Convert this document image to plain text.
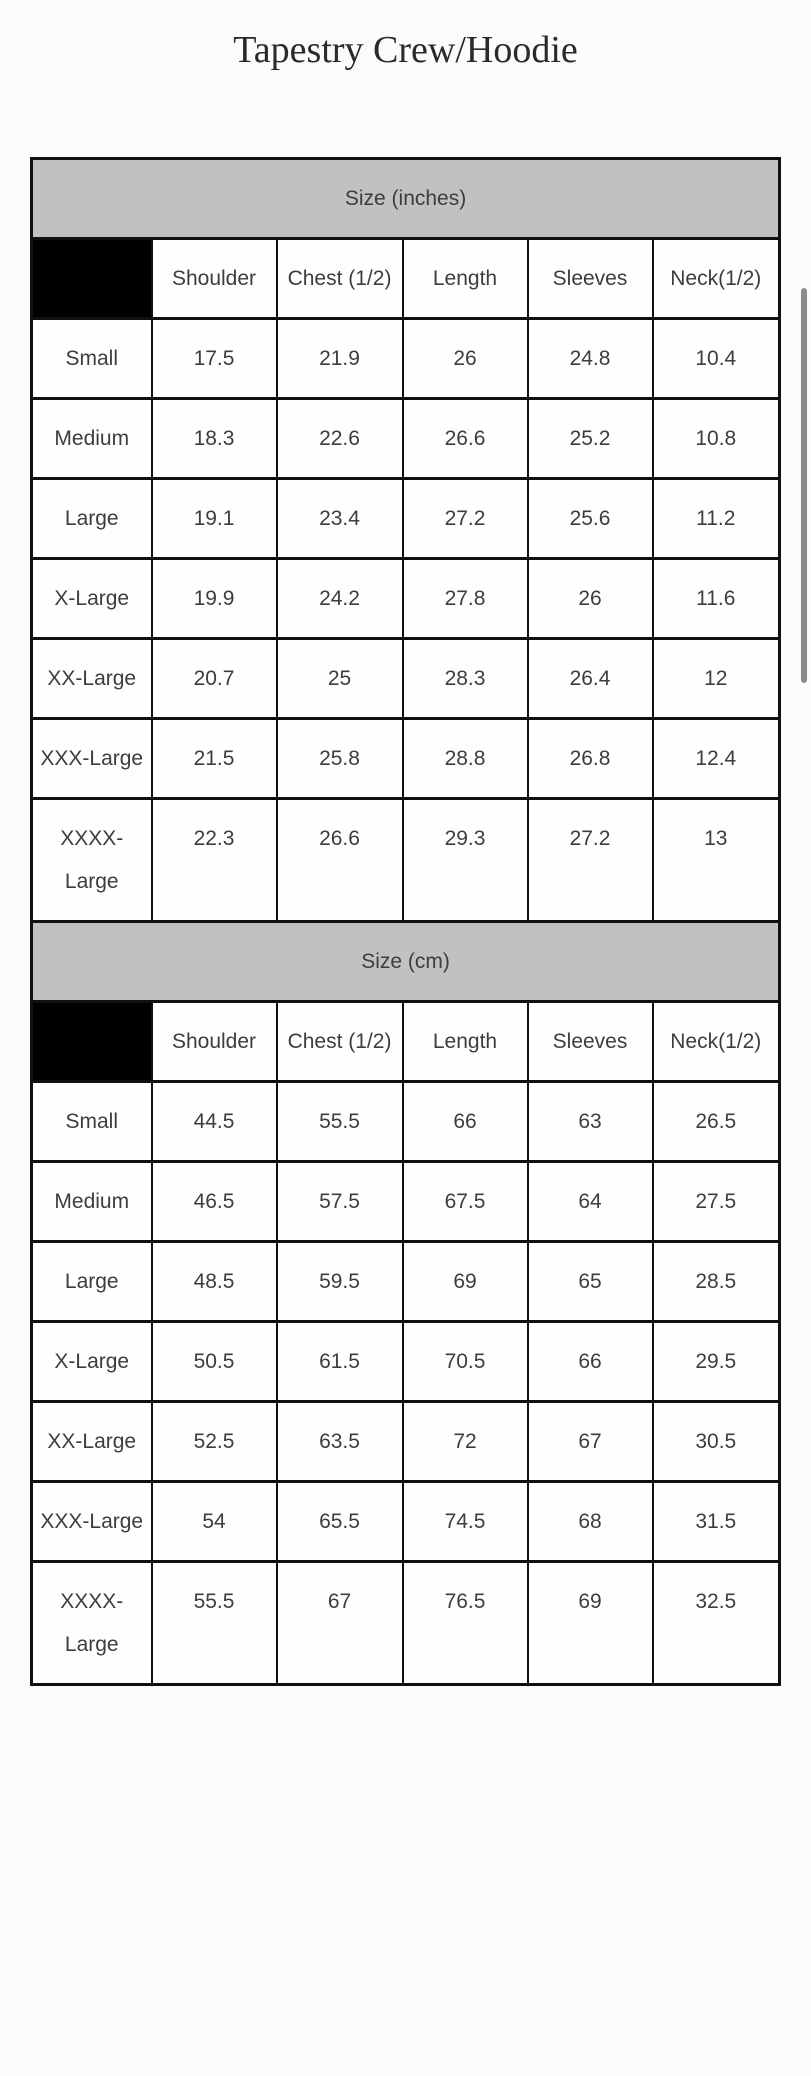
Tapestry Crew/Hoodie
Size (inches)					
	Shoulder	Chest (1/2)	Length	Sleeves	Neck(1/2)
Small	17.5	21.9	26	24.8	10.4
Medium	18.3	22.6	26.6	25.2	10.8
Large	19.1	23.4	27.2	25.6	11.2
X-Large	19.9	24.2	27.8	26	11.6
XX-Large	20.7	25	28.3	26.4	12
XXX-Large	21.5	25.8	28.8	26.8	12.4
XXXX-Large	22.3	26.6	29.3	27.2	13
Size (cm)					
	Shoulder	Chest (1/2)	Length	Sleeves	Neck(1/2)
Small	44.5	55.5	66	63	26.5
Medium	46.5	57.5	67.5	64	27.5
Large	48.5	59.5	69	65	28.5
X-Large	50.5	61.5	70.5	66	29.5
XX-Large	52.5	63.5	72	67	30.5
XXX-Large	54	65.5	74.5	68	31.5
XXXX-Large	55.5	67	76.5	69	32.5
